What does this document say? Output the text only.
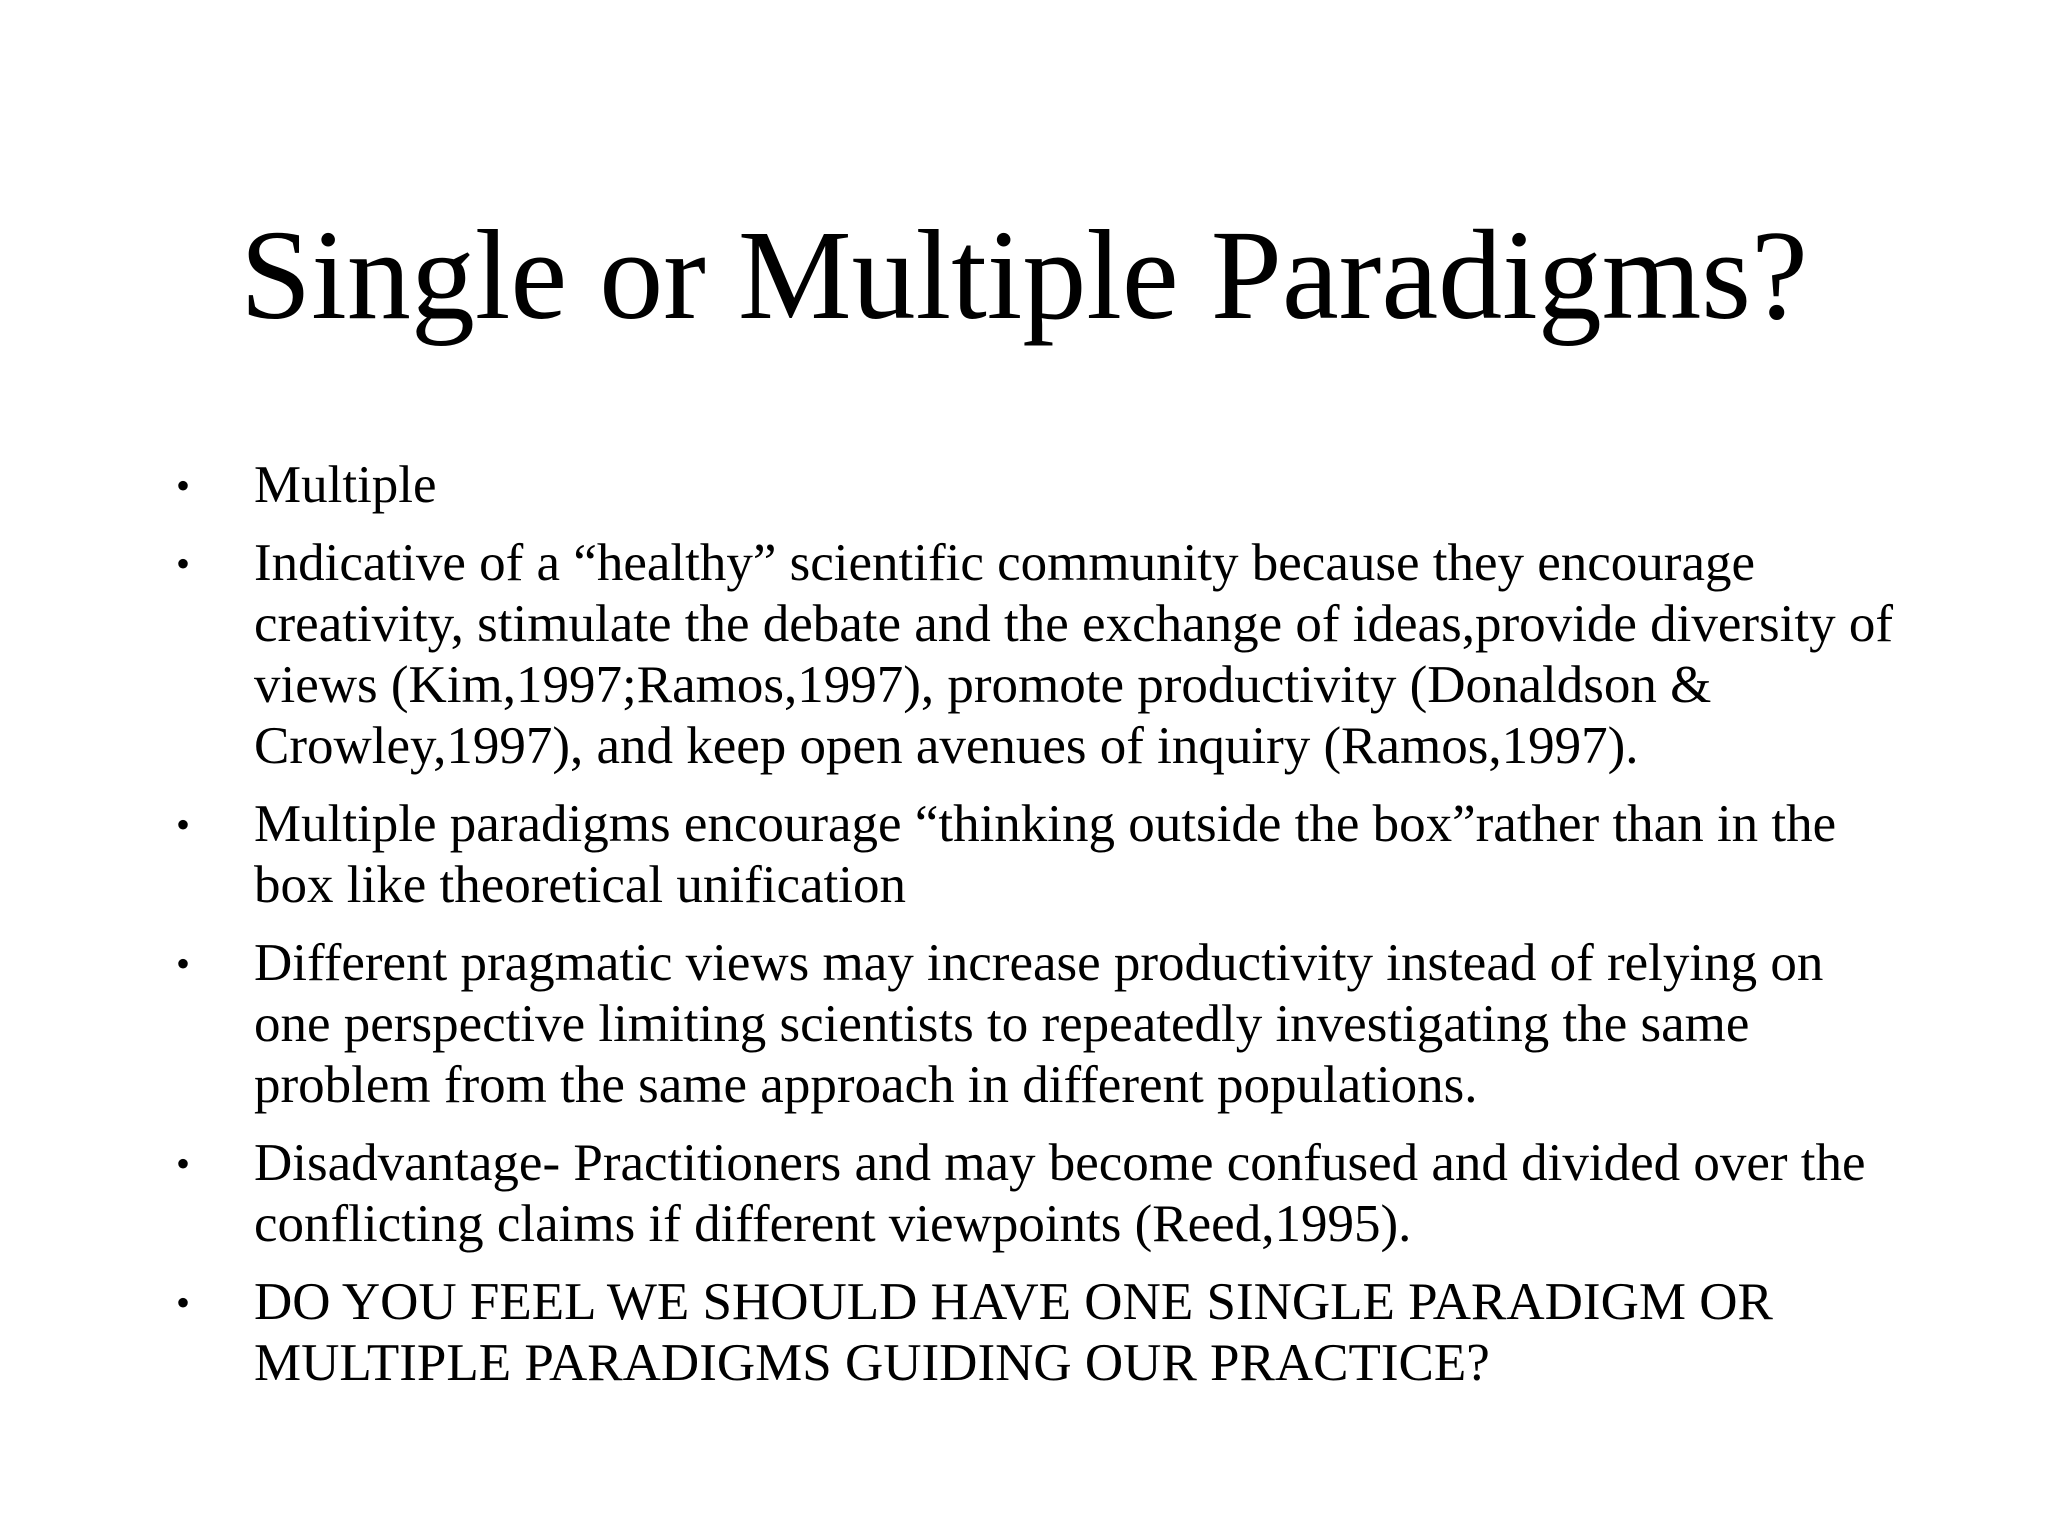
Single or Multiple Paradigms?
• Multiple
• Indicative of a “healthy” scientific community because they encourage creativity, stimulate the debate and the exchange of ideas,provide diversity of views (Kim,1997;Ramos,1997), promote productivity (Donaldson & Crowley,1997), and keep open avenues of inquiry (Ramos,1997).
• Multiple paradigms encourage “thinking outside the box”rather than in the box like theoretical unification
• Different pragmatic views may increase productivity instead of relying on one perspective limiting scientists to repeatedly investigating the same problem from the same approach in different populations.
• Disadvantage- Practitioners and may become confused and divided over the conflicting claims if different viewpoints (Reed,1995).
• DO YOU FEEL WE SHOULD HAVE ONE SINGLE PARADIGM OR MULTIPLE PARADIGMS GUIDING OUR PRACTICE?
